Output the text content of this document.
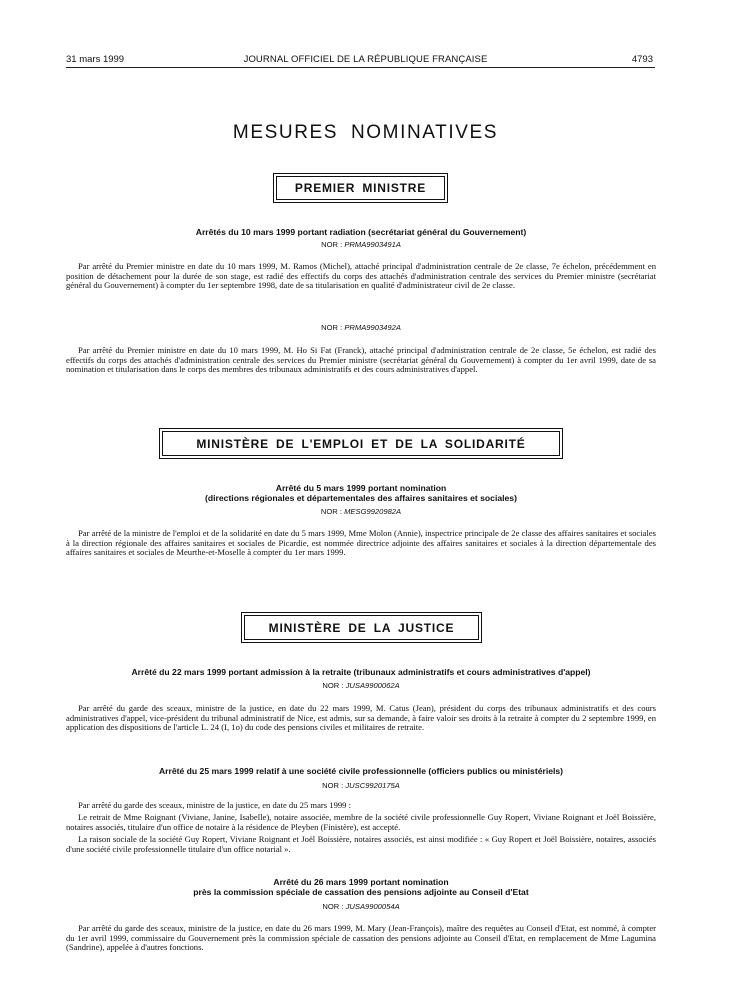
31 mars 1999	JOURNAL OFFICIEL DE LA RÉPUBLIQUE FRANÇAISE	4793
MESURES NOMINATIVES
PREMIER MINISTRE
Arrêtés du 10 mars 1999 portant radiation (secrétariat général du Gouvernement)
NOR : PRMA9903491A
Par arrêté du Premier ministre en date du 10 mars 1999, M. Ramos (Michel), attaché principal d'administration centrale de 2e classe, 7e échelon, précédemment en position de détachement pour la durée de son stage, est radié des effectifs du corps des attachés d'administration centrale des services du Premier ministre (secrétariat général du Gouvernement) à compter du 1er septembre 1998, date de sa titularisation en qualité d'administrateur civil de 2e classe.
NOR : PRMA9903492A
Par arrêté du Premier ministre en date du 10 mars 1999, M. Ho Si Fat (Franck), attaché principal d'administration centrale de 2e classe, 5e échelon, est radié des effectifs du corps des attachés d'administration centrale des services du Premier ministre (secrétariat général du Gouvernement) à compter du 1er avril 1999, date de sa nomination et titularisation dans le corps des membres des tribunaux administratifs et des cours administratives d'appel.
MINISTÈRE DE L'EMPLOI ET DE LA SOLIDARITÉ
Arrêté du 5 mars 1999 portant nomination
(directions régionales et départementales des affaires sanitaires et sociales)
NOR : MESG9920982A
Par arrêté de la ministre de l'emploi et de la solidarité en date du 5 mars 1999, Mme Molon (Annie), inspectrice principale de 2e classe des affaires sanitaires et sociales à la direction régionale des affaires sanitaires et sociales de Picardie, est nommée directrice adjointe des affaires sanitaires et sociales à la direction départementale des affaires sanitaires et sociales de Meurthe-et-Moselle à compter du 1er mars 1999.
MINISTÈRE DE LA JUSTICE
Arrêté du 22 mars 1999 portant admission à la retraite (tribunaux administratifs et cours administratives d'appel)
NOR : JUSA9900062A
Par arrêté du garde des sceaux, ministre de la justice, en date du 22 mars 1999, M. Catus (Jean), président du corps des tribunaux administratifs et des cours administratives d'appel, vice-président du tribunal administratif de Nice, est admis, sur sa demande, à faire valoir ses droits à la retraite à compter du 2 septembre 1999, en application des dispositions de l'article L. 24 (I, 1o) du code des pensions civiles et militaires de retraite.
Arrêté du 25 mars 1999 relatif à une société civile professionnelle (officiers publics ou ministériels)
NOR : JUSC9920175A
Par arrêté du garde des sceaux, ministre de la justice, en date du 25 mars 1999 :
Le retrait de Mme Roignant (Viviane, Janine, Isabelle), notaire associée, membre de la société civile professionnelle Guy Ropert, Viviane Roignant et Joël Boissière, notaires associés, titulaire d'un office de notaire à la résidence de Pleyben (Finistère), est accepté.
La raison sociale de la société Guy Ropert, Viviane Roignant et Joël Boissière, notaires associés, est ainsi modifiée : « Guy Ropert et Joël Boissière, notaires, associés d'une société civile professionnelle titulaire d'un office notarial ».
Arrêté du 26 mars 1999 portant nomination
près la commission spéciale de cassation des pensions adjointe au Conseil d'Etat
NOR : JUSA9900054A
Par arrêté du garde des sceaux, ministre de la justice, en date du 26 mars 1999, M. Mary (Jean-François), maître des requêtes au Conseil d'Etat, est nommé, à compter du 1er avril 1999, commissaire du Gouvernement près la commission spéciale de cassation des pensions adjointe au Conseil d'Etat, en remplacement de Mme Lagumina (Sandrine), appelée à d'autres fonctions.
